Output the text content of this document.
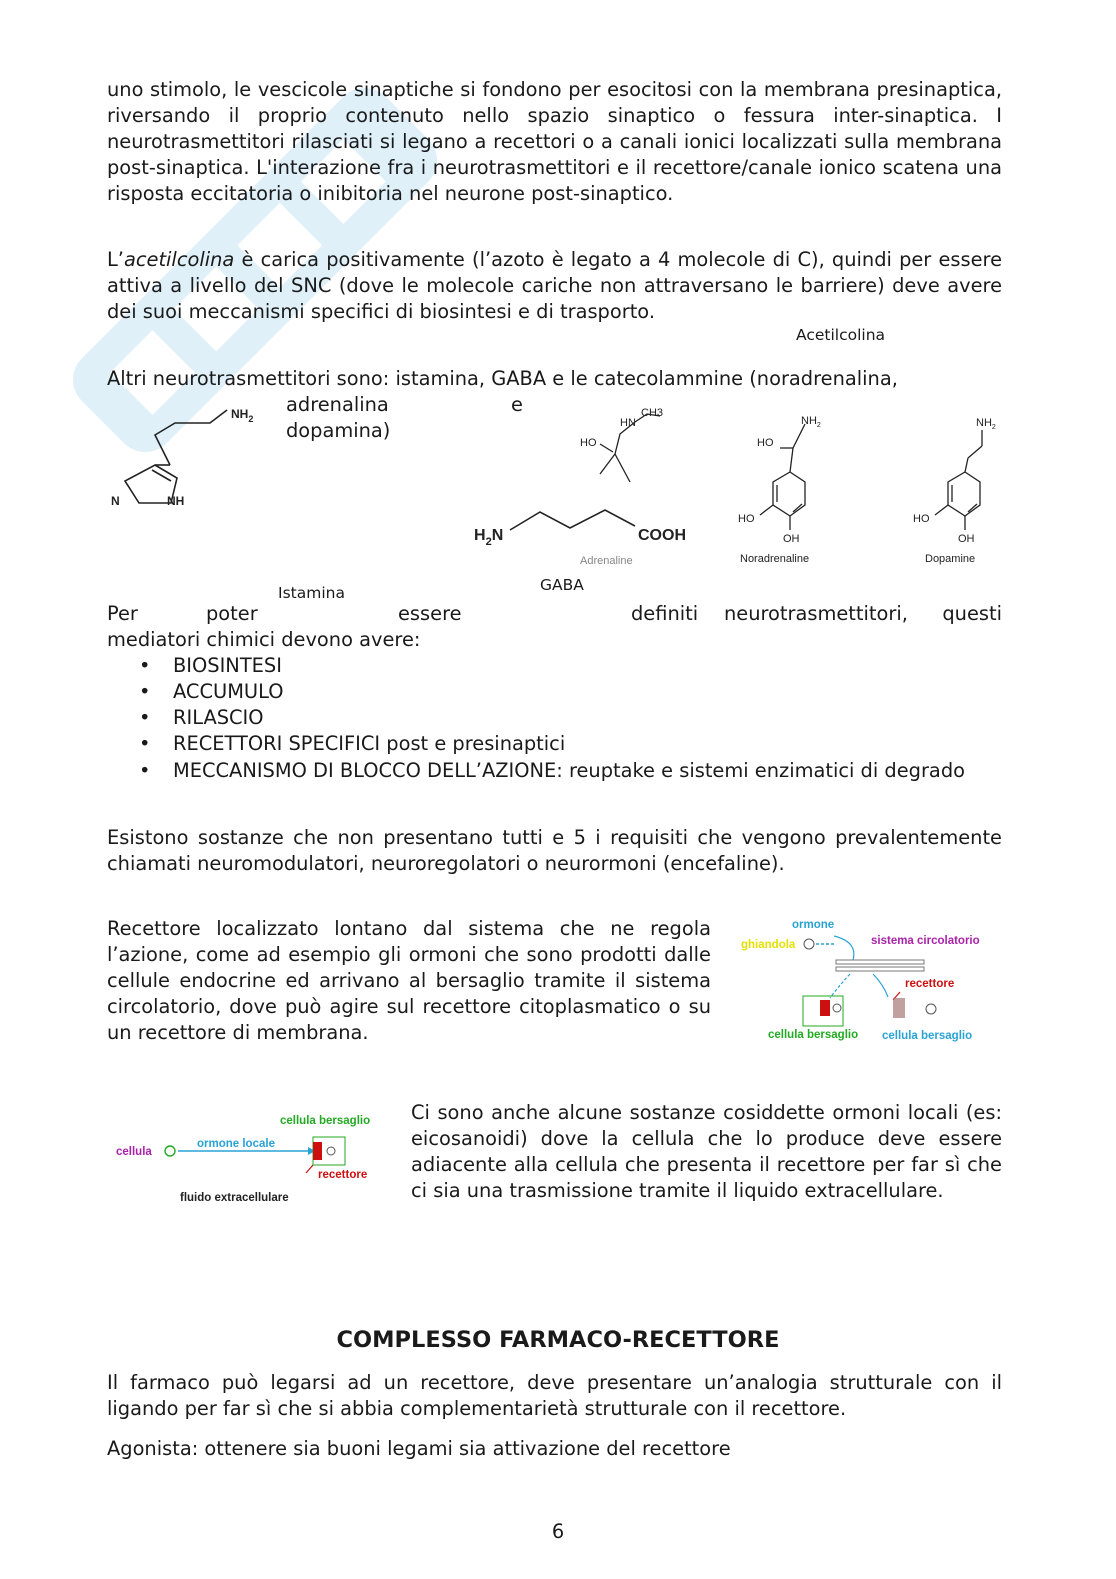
uno stimolo, le vescicole sinaptiche si fondono per esocitosi con la membrana presinaptica, riversando il proprio contenuto nello spazio sinaptico o fessura inter-sinaptica. I neurotrasmettitori rilasciati si legano a recettori o a canali ionici localizzati sulla membrana post-sinaptica. L'interazione fra i neurotrasmettitori e il recettore/canale ionico scatena una risposta eccitatoria o inibitoria nel neurone post-sinaptico.

L’acetilcolina è carica positivamente (l’azoto è legato a 4 molecole di C), quindi per essere attiva a livello del SNC (dove le molecole cariche non attraversano le barriere) deve avere dei suoi meccanismi specifici di biosintesi e di trasporto.

Acetilcolina

Altri neurotrasmettitori sono: istamina, GABA e le catecolammine (noradrenalina,

adrenalina	e
dopamina)
$NH_2$
N	NH
$H_2N$	COOH
HN
CH3
HO
Adrenaline
$NH_2$
HO
HO
OH
Noradrenaline
$NH_2$
HO
OH
Dopamine
Istamina	GABA
Per	poter	essere	definiti neurotrasmettitori, questi
mediatori chimici devono avere:
• BIOSINTESI
• ACCUMULO
• RILASCIO
• RECETTORI SPECIFICI post e presinaptici
• MECCANISMO DI BLOCCO DELL’AZIONE: reuptake e sistemi enzimatici di degrado

Esistono sostanze che non presentano tutti e 5 i requisiti che vengono prevalentemente chiamati neuromodulatori, neuroregolatori o neurormoni (encefaline).

Recettore localizzato lontano dal sistema che ne regola l’azione, come ad esempio gli ormoni che sono prodotti dalle cellule endocrine ed arrivano al bersaglio tramite il sistema circolatorio, dove può agire sul recettore citoplasmatico o su un recettore di membrana.

ormone
ghiandola	sistema circolatorio
recettore
cellula bersaglio cellula bersaglio
cellula bersaglio
cellula
ormone locale
recettore
fluido extracellulare

Ci sono anche alcune sostanze cosiddette ormoni locali (es: eicosanoidi) dove la cellula che lo produce deve essere adiacente alla cellula che presenta il recettore per far sì che ci sia una trasmissione tramite il liquido extracellulare.

COMPLESSO FARMACO-RECETTORE

Il farmaco può legarsi ad un recettore, deve presentare un’analogia strutturale con il ligando per far sì che si abbia complementarietà strutturale con il recettore.

Agonista: ottenere sia buoni legami sia attivazione del recettore

6
